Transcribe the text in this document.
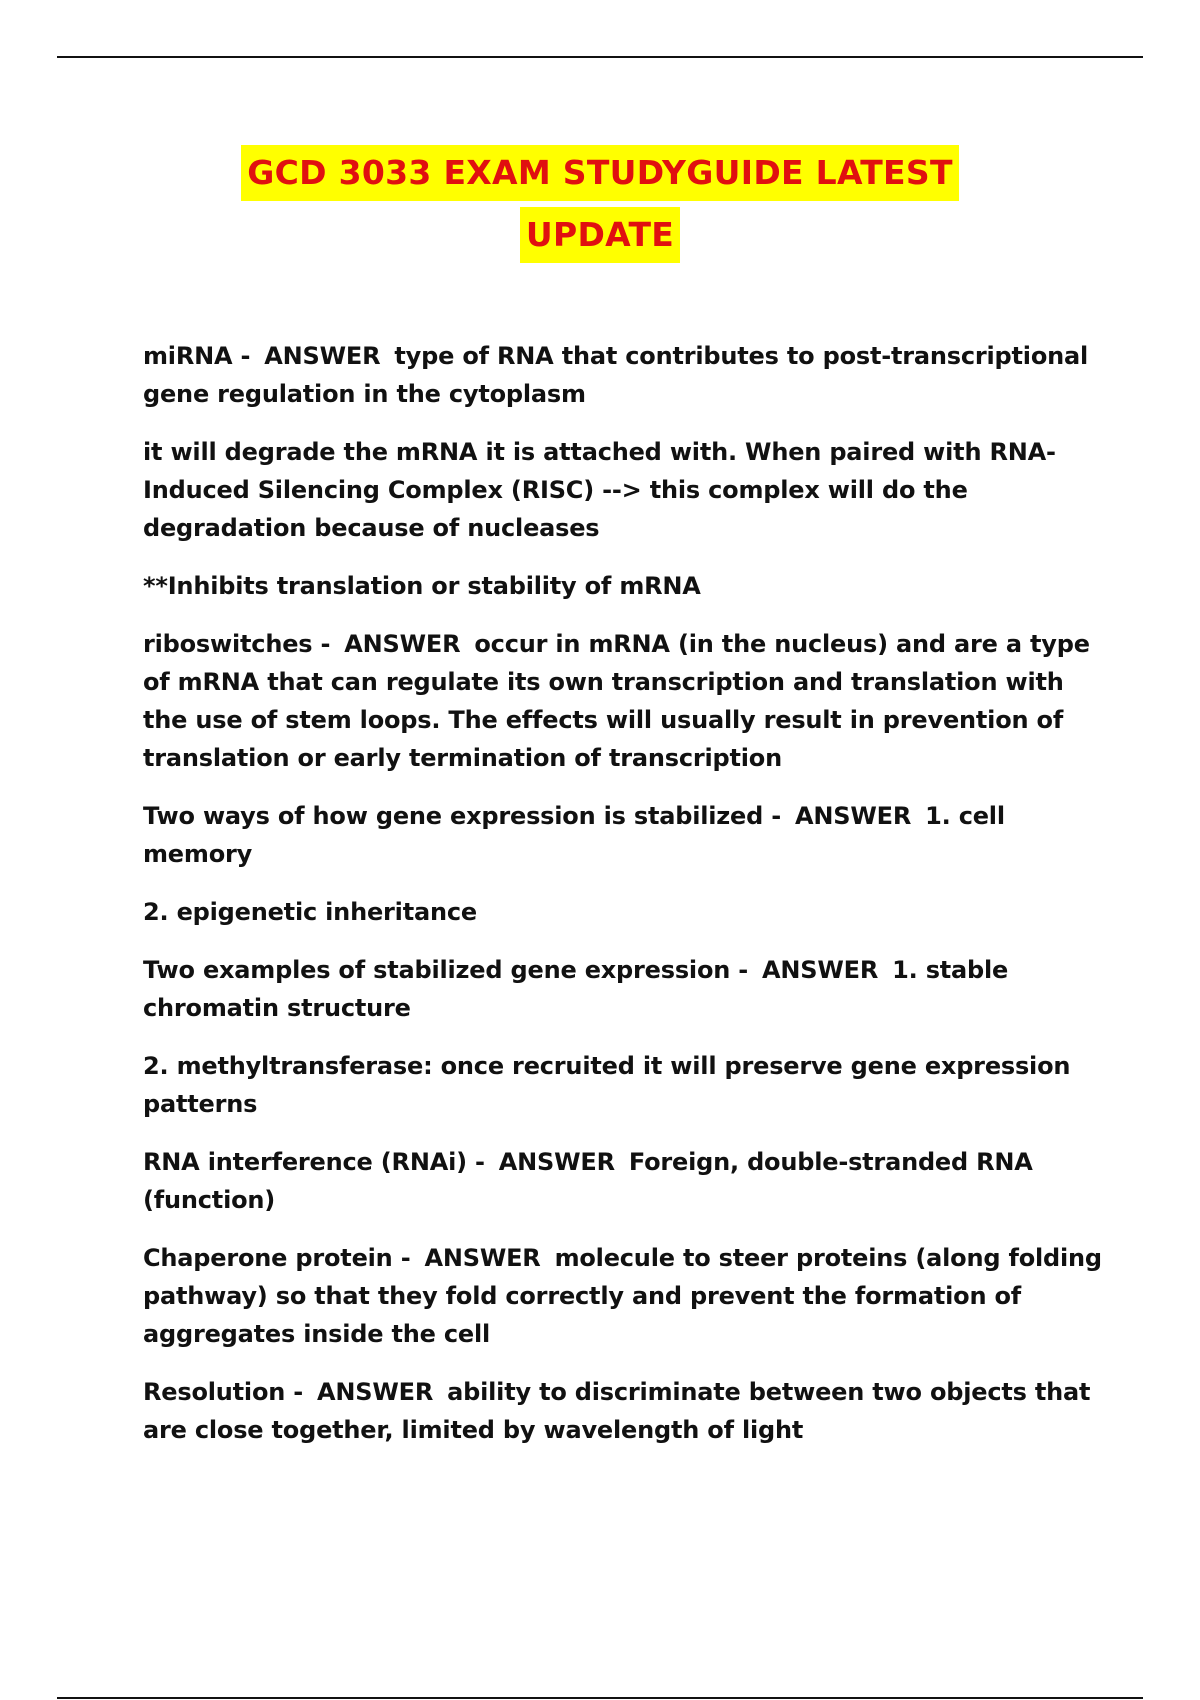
GCD 3033 EXAM STUDYGUIDE LATEST
UPDATE

miRNA - ANSWER type of RNA that contributes to post-transcriptional gene regulation in the cytoplasm

it will degrade the mRNA it is attached with. When paired with RNA-Induced Silencing Complex (RISC) --> this complex will do the degradation because of nucleases

**Inhibits translation or stability of mRNA

riboswitches - ANSWER occur in mRNA (in the nucleus) and are a type of mRNA that can regulate its own transcription and translation with the use of stem loops. The effects will usually result in prevention of translation or early termination of transcription

Two ways of how gene expression is stabilized - ANSWER 1. cell memory

2. epigenetic inheritance

Two examples of stabilized gene expression - ANSWER 1. stable chromatin structure

2. methyltransferase: once recruited it will preserve gene expression patterns

RNA interference (RNAi) - ANSWER Foreign, double-stranded RNA (function)

Chaperone protein - ANSWER molecule to steer proteins (along folding pathway) so that they fold correctly and prevent the formation of aggregates inside the cell

Resolution - ANSWER ability to discriminate between two objects that are close together, limited by wavelength of light
